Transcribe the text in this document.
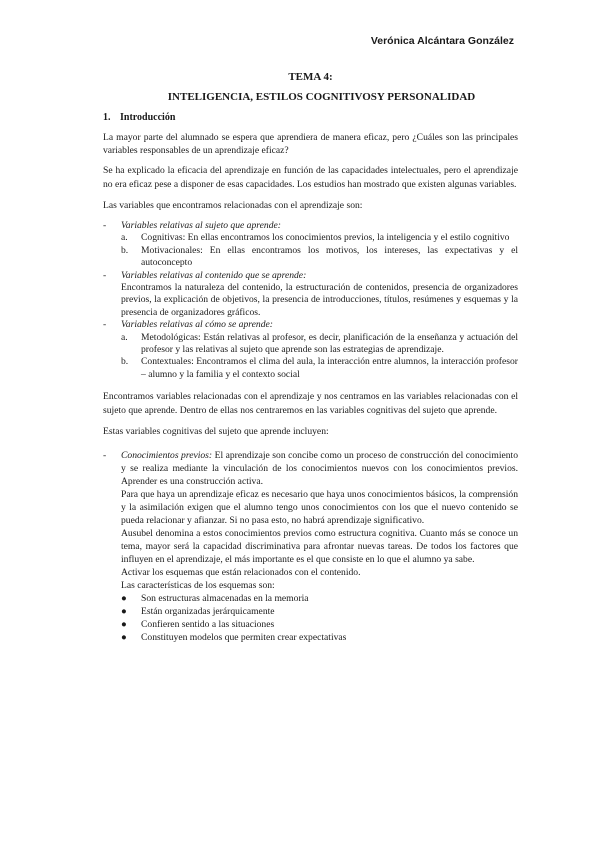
Verónica Alcántara González
TEMA 4:
INTELIGENCIA, ESTILOS COGNITIVOSY PERSONALIDAD
1. Introducción

La mayor parte del alumnado se espera que aprendiera de manera eficaz, pero ¿Cuáles son las principales variables responsables de un aprendizaje eficaz?

Se ha explicado la eficacia del aprendizaje en función de las capacidades intelectuales, pero el aprendizaje no era eficaz pese a disponer de esas capacidades. Los estudios han mostrado que existen algunas variables.

Las variables que encontramos relacionadas con el aprendizaje son:

- Variables relativas al sujeto que aprende:
a. Cognitivas: En ellas encontramos los conocimientos previos, la inteligencia y el estilo cognitivo
b. Motivacionales: En ellas encontramos los motivos, los intereses, las expectativas y el autoconcepto
- Variables relativas al contenido que se aprende:
Encontramos la naturaleza del contenido, la estructuración de contenidos, presencia de organizadores previos, la explicación de objetivos, la presencia de introducciones, títulos, resúmenes y esquemas y la presencia de organizadores gráficos.
- Variables relativas al cómo se aprende:
a. Metodológicas: Están relativas al profesor, es decir, planificación de la enseñanza y actuación del profesor y las relativas al sujeto que aprende son las estrategias de aprendizaje.
b. Contextuales: Encontramos el clima del aula, la interacción entre alumnos, la interacción profesor – alumno y la familia y el contexto social

Encontramos variables relacionadas con el aprendizaje y nos centramos en las variables relacionadas con el sujeto que aprende. Dentro de ellas nos centraremos en las variables cognitivas del sujeto que aprende.

Estas variables cognitivas del sujeto que aprende incluyen:

- Conocimientos previos: El aprendizaje son concibe como un proceso de construcción del conocimiento y se realiza mediante la vinculación de los conocimientos nuevos con los conocimientos previos. Aprender es una construcción activa.
Para que haya un aprendizaje eficaz es necesario que haya unos conocimientos básicos, la comprensión y la asimilación exigen que el alumno tengo unos conocimientos con los que el nuevo contenido se pueda relacionar y afianzar. Si no pasa esto, no habrá aprendizaje significativo.
Ausubel denomina a estos conocimientos previos como estructura cognitiva. Cuanto más se conoce un tema, mayor será la capacidad discriminativa para afrontar nuevas tareas. De todos los factores que influyen en el aprendizaje, el más importante es el que consiste en lo que el alumno ya sabe.
Activar los esquemas que están relacionados con el contenido.
Las características de los esquemas son:
● Son estructuras almacenadas en la memoria
● Están organizadas jerárquicamente
● Confieren sentido a las situaciones
● Constituyen modelos que permiten crear expectativas
